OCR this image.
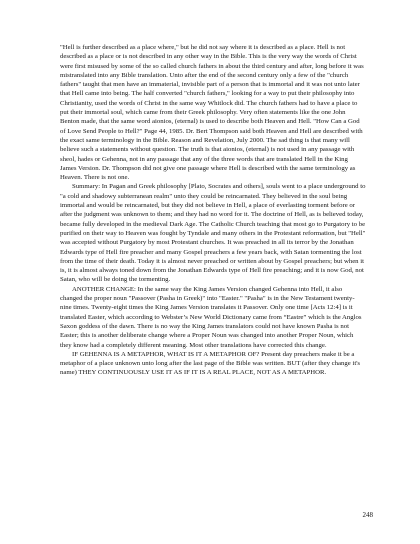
"Hell is further described as a place where," but he did not say where it is described as a place. Hell is not described as a place or is not described in any other way in the Bible. This is the very way the words of Christ were first misused by some of the so called church fathers in about the third century and after, long before it was mistranslated into any Bible translation. Unto after the end of the second century only a few of the "church fathers" taught that men have an immaterial, invisible part of a person that is immortal and it was not unto later that Hell came into being. The half converted "church fathers," looking for a way to put their philosophy into Christianity, used the words of Christ in the same way Whitlock did. The church fathers had to have a place to put their immortal soul, which came from their Greek philosophy. Very often statements like the one John Benton made, that the same word aionios, (eternal) is used to describe both Heaven and Hell. "How Can a God of Love Send People to Hell?" Page 44, 1985. Dr. Bert Thompson said both Heaven and Hell are described with the exact same terminology in the Bible. Reason and Revelation, July 2000. The sad thing is that many will believe such a statements without question. The truth is that aionios, (eternal) is not used in any passage with sheol, hades or Gehenna, not in any passage that any of the three words that are translated Hell in the King James Version. Dr. Thompson did not give one passage where Hell is described with the same terminology as Heaven. There is not one.

Summary: In Pagan and Greek philosophy [Plato, Socrates and others], souls went to a place underground to "a cold and shadowy subterranean realm" unto they could be reincarnated. They believed in the soul being immortal and would be reincarnated, but they did not believe in Hell, a place of everlasting torment before or after the judgment was unknown to them; and they had no word for it. The doctrine of Hell, as is believed today, became fully developed in the medieval Dark Age. The Catholic Church teaching that most go to Purgatory to be purified on their way to Heaven was fought by Tyndale and many others in the Protestant reformation, but "Hell" was accepted without Purgatory by most Protestant churches. It was preached in all its terror by the Jonathan Edwards type of Hell fire preacher and many Gospel preachers a few years back, with Satan tormenting the lost from the time of their death. Today it is almost never preached or written about by Gospel preachers; but when it is, it is almost always toned down from the Jonathan Edwards type of Hell fire preaching; and it is now God, not Satan, who will be doing the tormenting.

ANOTHER CHANGE: In the same way the King James Version changed Gehenna into Hell, it also changed the proper noun "Passover (Pasha in Greek)" into "Easter." "Pasha" is in the New Testament twenty-nine times. Twenty-eight times the King James Version translates it Passover. Only one time [Acts 12:4] is it translated Easter, which according to Webster’s New World Dictionary came from “Eastre” which is the Anglos Saxon goddess of the dawn. There is no way the King James translators could not have known Pasha is not Easter; this is another deliberate change where a Proper Noun was changed into another Proper Noun, which they know had a completely different meaning. Most other translations have corrected this change.

IF GEHENNA IS A METAPHOR, WHAT IS IT A METAPHOR OF? Present day preachers make it be a metaphor of a place unknown unto long after the last page of the Bible was written. BUT (after they change it's name) THEY CONTINUOUSLY USE IT AS IF IT IS A REAL PLACE, NOT AS A METAPHOR.

248
